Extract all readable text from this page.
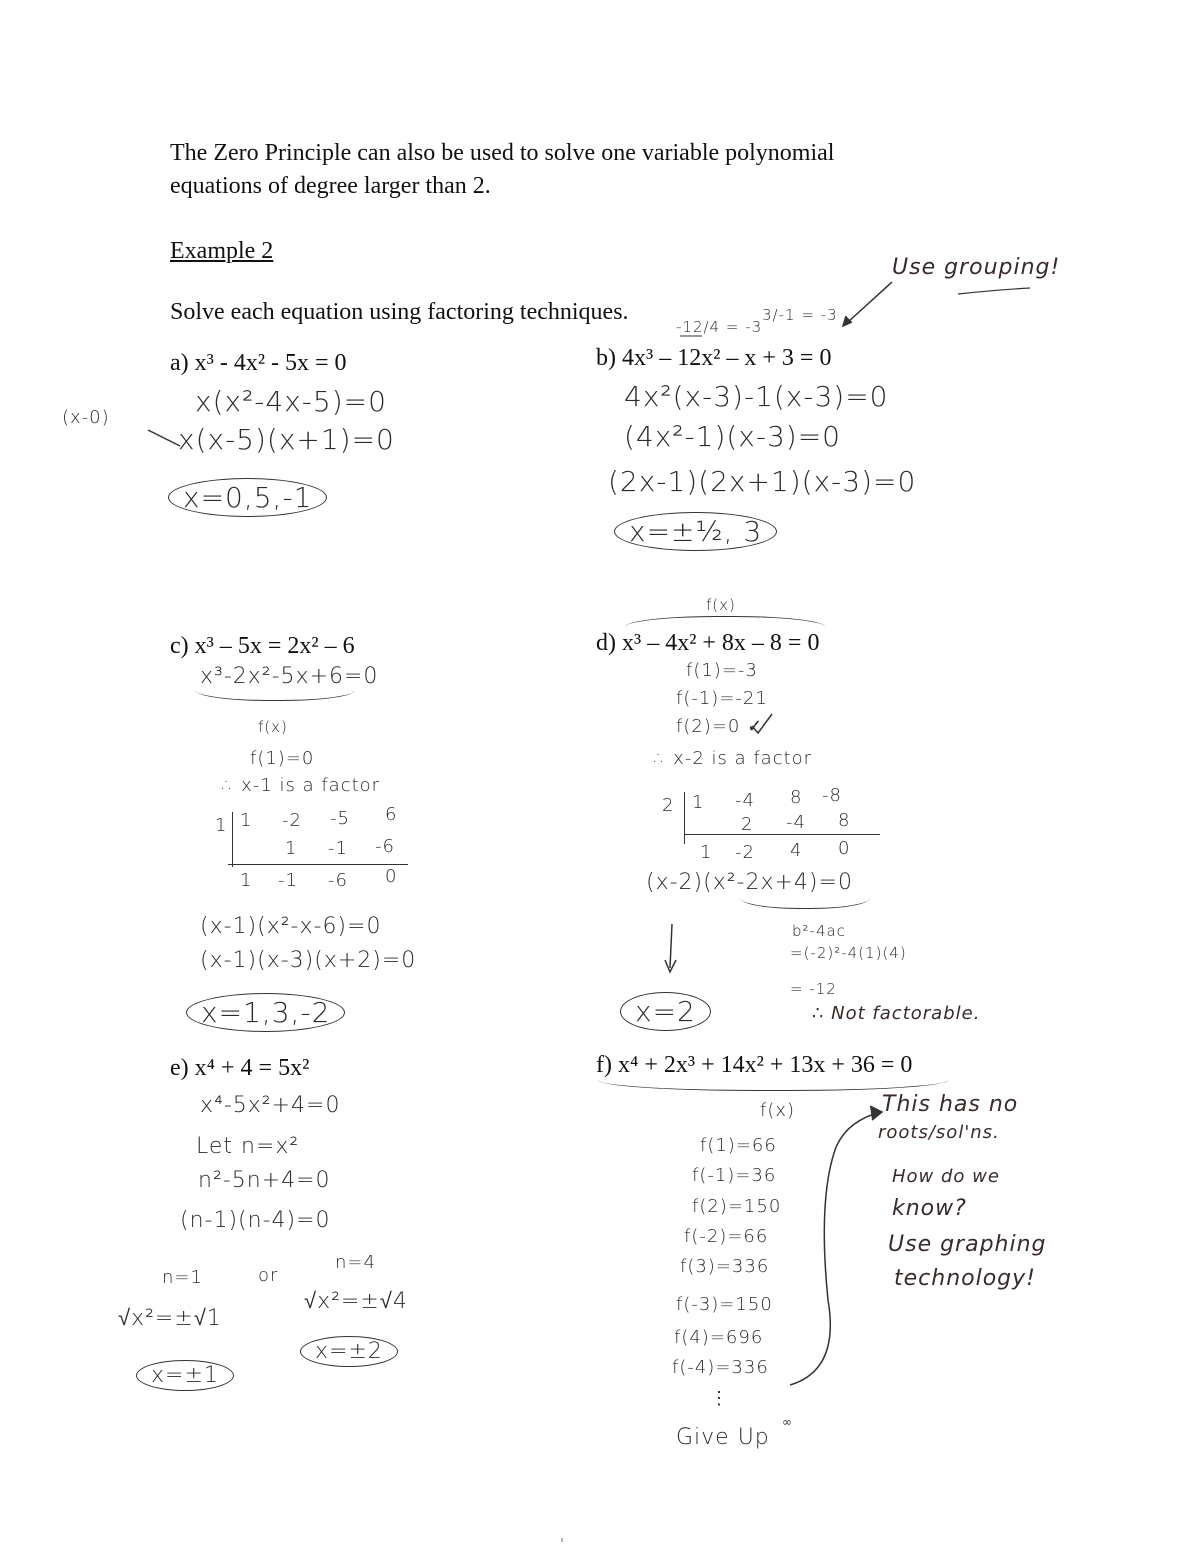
The Zero Principle can also be used to solve one variable polynomial
equations of degree larger than 2.
Example 2
Solve each equation using factoring techniques.
Use grouping!
a) x³ - 4x² - 5x = 0
(x-0)	x(x²-4x-5)=0
x(x-5)(x+1)=0
x=0,5,-1
-12/4 = -3
3/-1 = -3
b) 4x³ – 12x² – x + 3 = 0
4x²(x-3)-1(x-3)=0
(4x²-1)(x-3)=0
(2x-1)(2x+1)(x-3)=0
x=±½, 3
c) x³ – 5x = 2x² – 6
x³-2x²-5x+6=0
f(x)
f(1)=0
∴ x-1 is a factor
1 1 -2 -5 6
1 -1 -6
1 -1 -6 0
(x-1)(x²-x-6)=0
(x-1)(x-3)(x+2)=0
x=1,3,-2
f(x)
d) x³ – 4x² + 8x – 8 = 0
f(1)=-3
f(-1)=-21
f(2)=0 ✓
∴ x-2 is a factor
2 1 -4 8 -8
2 -4 8
1 -2 4 0
(x-2)(x²-2x+4)=0
b²-4ac
=(-2)²-4(1)(4)
= -12
∴ Not factorable.
x=2
e) x⁴ + 4 = 5x²
x⁴-5x²+4=0
Let n=x²
n²-5n+4=0
(n-1)(n-4)=0
n=1	or
n=4
√x²=±√1
√x²=±√4
x=±1
x=±2
f) x⁴ + 2x³ + 14x² + 13x + 36 = 0
f(x)
f(1)=66
f(-1)=36
f(2)=150
f(-2)=66
f(3)=336
f(-3)=150
f(4)=696
f(-4)=336
⋮
Give Up
This has no
roots/sol'ns.
How do we
know?
Use graphing
technology!
'
∞
